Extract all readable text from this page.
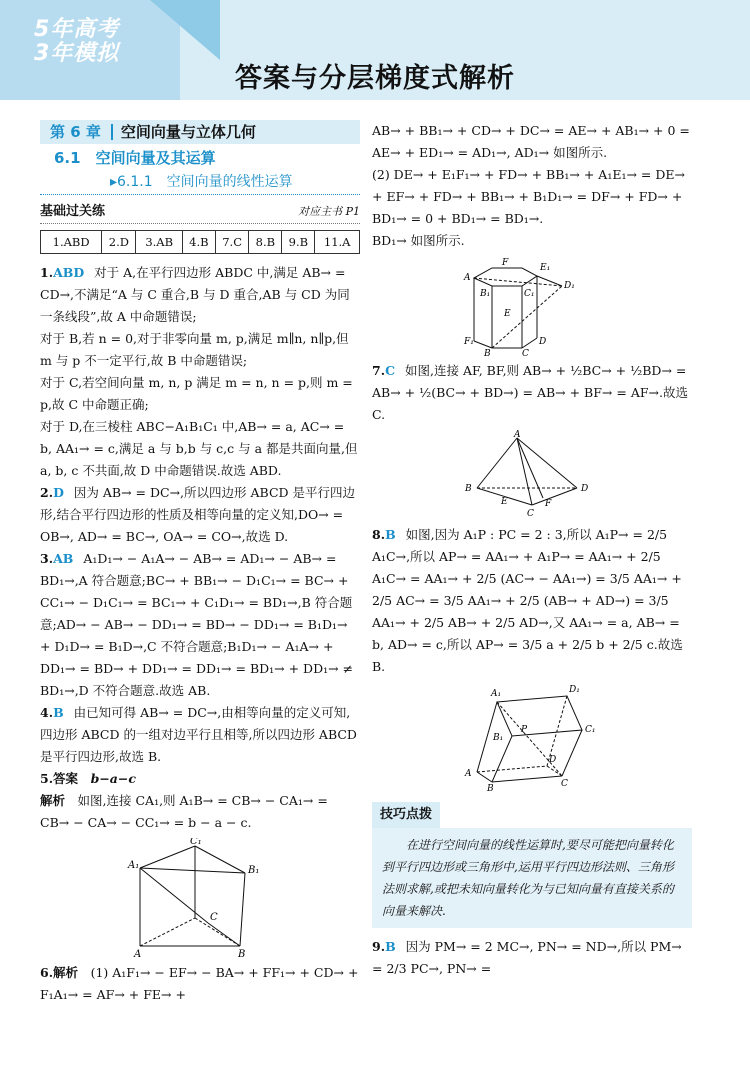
5年高考
3年模拟
答案与分层梯度式解析
第 6 章 空间向量与立体几何
6.1　空间向量及其运算
▸6.1.1　空间向量的线性运算
基础过关练	对应主书 P1
1.ABD	2.D	3.AB	4.B	7.C	8.B	9.B	11.A

1.ABD 对于 A,在平行四边形 ABDC 中,满足 AB→ = CD→,不满足“A 与 C 重合,B 与 D 重合,AB 与 CD 为同一条线段”,故 A 中命题错误;

对于 B,若 n = 0,对于非零向量 m, p,满足 m∥n, n∥p,但 m 与 p 不一定平行,故 B 中命题错误;

对于 C,若空间向量 m, n, p 满足 m = n, n = p,则 m = p,故 C 中命题正确;

对于 D,在三棱柱 ABC−A₁B₁C₁ 中,AB→ = a, AC→ = b, AA₁→ = c,满足 a 与 b,b 与 c,c 与 a 都是共面向量,但 a, b, c 不共面,故 D 中命题错误.故选 ABD.

2.D 因为 AB→ = DC→,所以四边形 ABCD 是平行四边形,结合平行四边形的性质及相等向量的定义知,DO→ = OB→, AD→ = BC→, OA→ = CO→,故选 D.

3.AB A₁D₁→ − A₁A→ − AB→ = AD₁→ − AB→ = BD₁→,A 符合题意;BC→ + BB₁→ − D₁C₁→ = BC→ + CC₁→ − D₁C₁→ = BC₁→ + C₁D₁→ = BD₁→,B 符合题意;AD→ − AB→ − DD₁→ = BD→ − DD₁→ = B₁D₁→ + D₁D→ = B₁D→,C 不符合题意;B₁D₁→ − A₁A→ + DD₁→ = BD→ + DD₁→ = DD₁→ = BD₁→ + DD₁→ ≠ BD₁→,D 不符合题意.故选 AB.

4.B 由已知可得 AB→ = DC→,由相等向量的定义可知,四边形 ABCD 的一组对边平行且相等,所以四边形 ABCD 是平行四边形,故选 B.

5.答案　 b−a−c

解析　 如图,连接 CA₁,则 A₁B→ = CB→ − CA₁→ = CB→ − CA→ − CC₁→ = b − a − c.

A₁
C₁
B₁
C
A	B

6.解析　 (1) A₁F₁→ − EF→ − BA→ + FF₁→ + CD→ + F₁A₁→ = AF→ + FE→ +

AB→ + BB₁→ + CD→ + DC→ = AE→ + AB₁→ + 0 = AE→ + ED₁→ = AD₁→, AD₁→ 如图所示.

(2) DE→ + E₁F₁→ + FD→ + BB₁→ + A₁E₁→ = DE→ + EF→ + FD→ + BB₁→ + B₁D₁→ = DF→ + FD→ + BD₁→ = 0 + BD₁→ = BD₁→.

BD₁→ 如图所示.

A
B₁	C₁
E₁
F
D₁
E
B	C
D
F₁

7.C 如图,连接 AF, BF,则 AB→ + ½BC→ + ½BD→ = AB→ + ½(BC→ + BD→) = AB→ + BF→ = AF→.故选 C.

A
B
C
D
E	F

8.B 如图,因为 A₁P : PC = 2 : 3,所以 A₁P→ = 2/5 A₁C→,所以 AP→ = AA₁→ + A₁P→ = AA₁→ + 2/5 A₁C→ = AA₁→ + 2/5 (AC→ − AA₁→) = 3/5 AA₁→ + 2/5 AC→ = 3/5 AA₁→ + 2/5 (AB→ + AD→) = 3/5 AA₁→ + 2/5 AB→ + 2/5 AD→,又 AA₁→ = a, AB→ = b, AD→ = c,所以 AP→ = 3/5 a + 2/5 b + 2/5 c.故选 B.

A₁	D₁
B₁
C₁
P
A
B	C
D
技巧点拨
在进行空间向量的线性运算时,要尽可能把向量转化到平行四边形或三角形中,运用平行四边形法则、三角形法则求解,或把未知向量转化为与已知向量有直接关系的向量来解决.

9.B 因为 PM→ = 2 MC→, PN→ = ND→,所以 PM→ = 2/3 PC→, PN→ =
